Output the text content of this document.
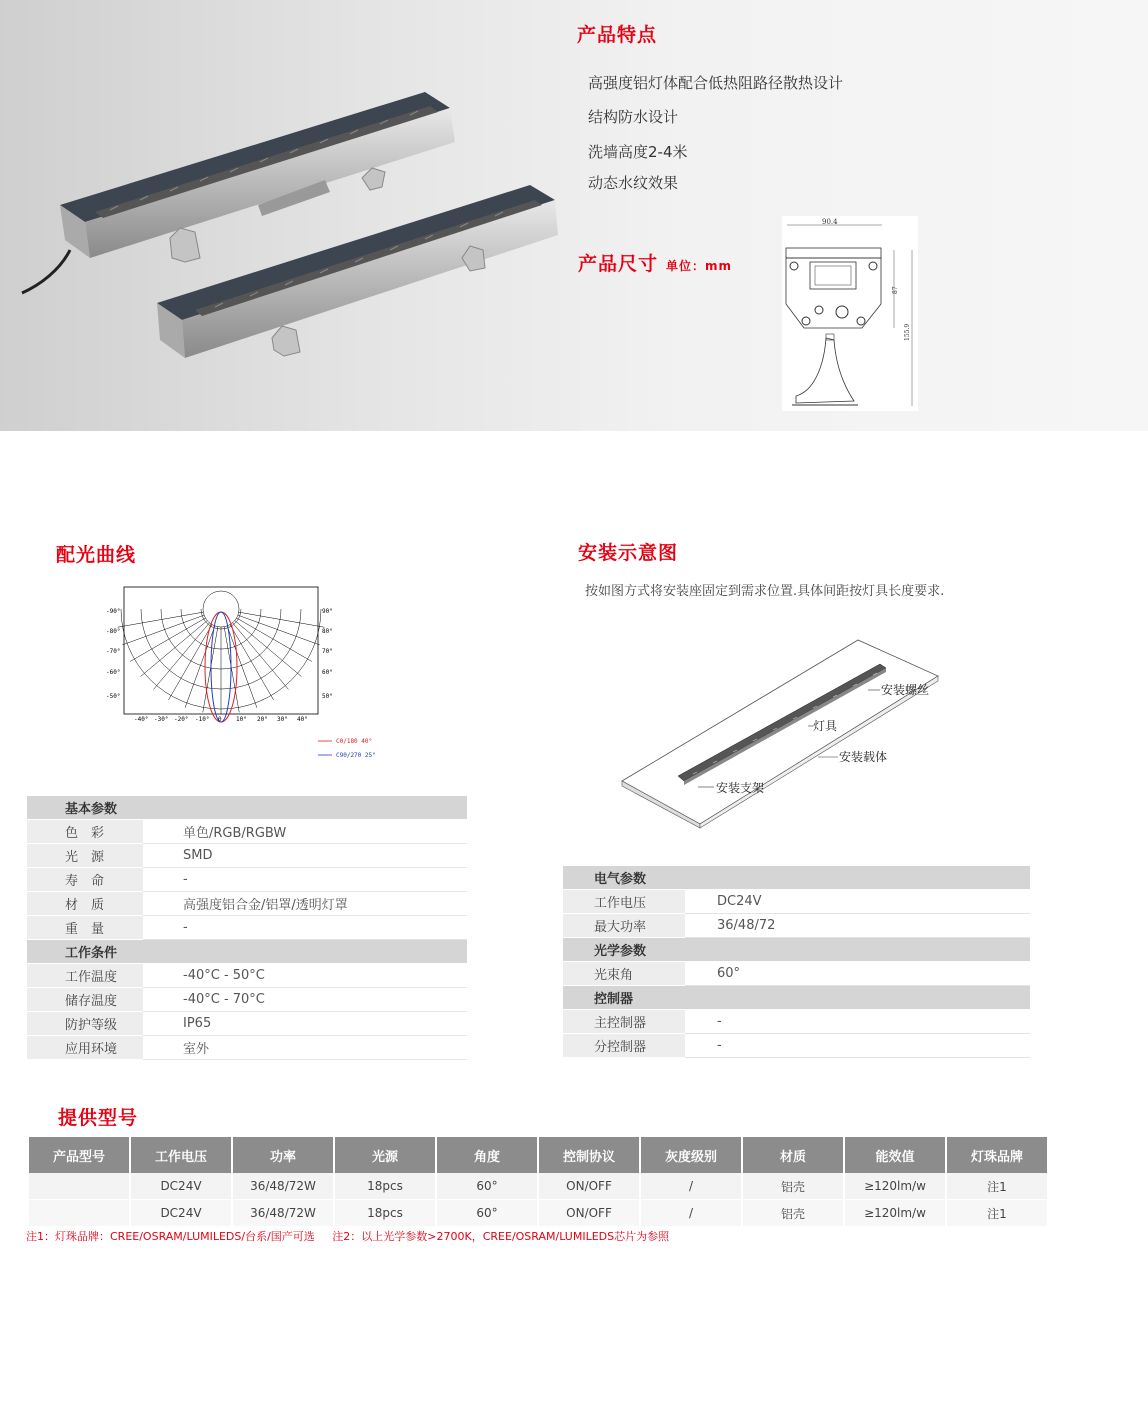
产品特点
高强度铝灯体配合低热阻路径散热设计
结构防水设计
洗墙高度2-4米
动态水纹效果
产品尺寸 单位：mm
90.4
87
155.9
配光曲线
-90°
-80°
-70°
-60°
-50°
90°
80°
70°
60°
50°
-40° -30° -20° -10° 0 10° 20° 30° 40°
C0/180 40°
C90/270 25°
安装示意图
按如图方式将安装座固定到需求位置.具体间距按灯具长度要求.
安装螺丝
灯具
安装载体
安装支架
基本参数	
色　彩	单色/RGB/RGBW
光　源	SMD
寿　命	-
材　质	高强度铝合金/铝罩/透明灯罩
重　量	-
工作条件	
工作温度	-40°C - 50°C
储存温度	-40°C - 70°C
防护等级	IP65
应用环境	室外
电气参数	
工作电压	DC24V
最大功率	36/48/72
光学参数	
光束角	60°
控制器	
主控制器	-
分控制器	-
提供型号
产品型号	工作电压	功率	光源	角度	控制协议	灰度级别	材质	能效值	灯珠品牌
	DC24V	36/48/72W	18pcs	60°	ON/OFF	/	铝壳	≥120lm/w	注1
	DC24V	36/48/72W	18pcs	60°	ON/OFF	/	铝壳	≥120lm/w	注1
注1：灯珠品牌：CREE/OSRAM/LUMILEDS/台系/国产可选 注2：以上光学参数>2700K，CREE/OSRAM/LUMILEDS芯片为参照
